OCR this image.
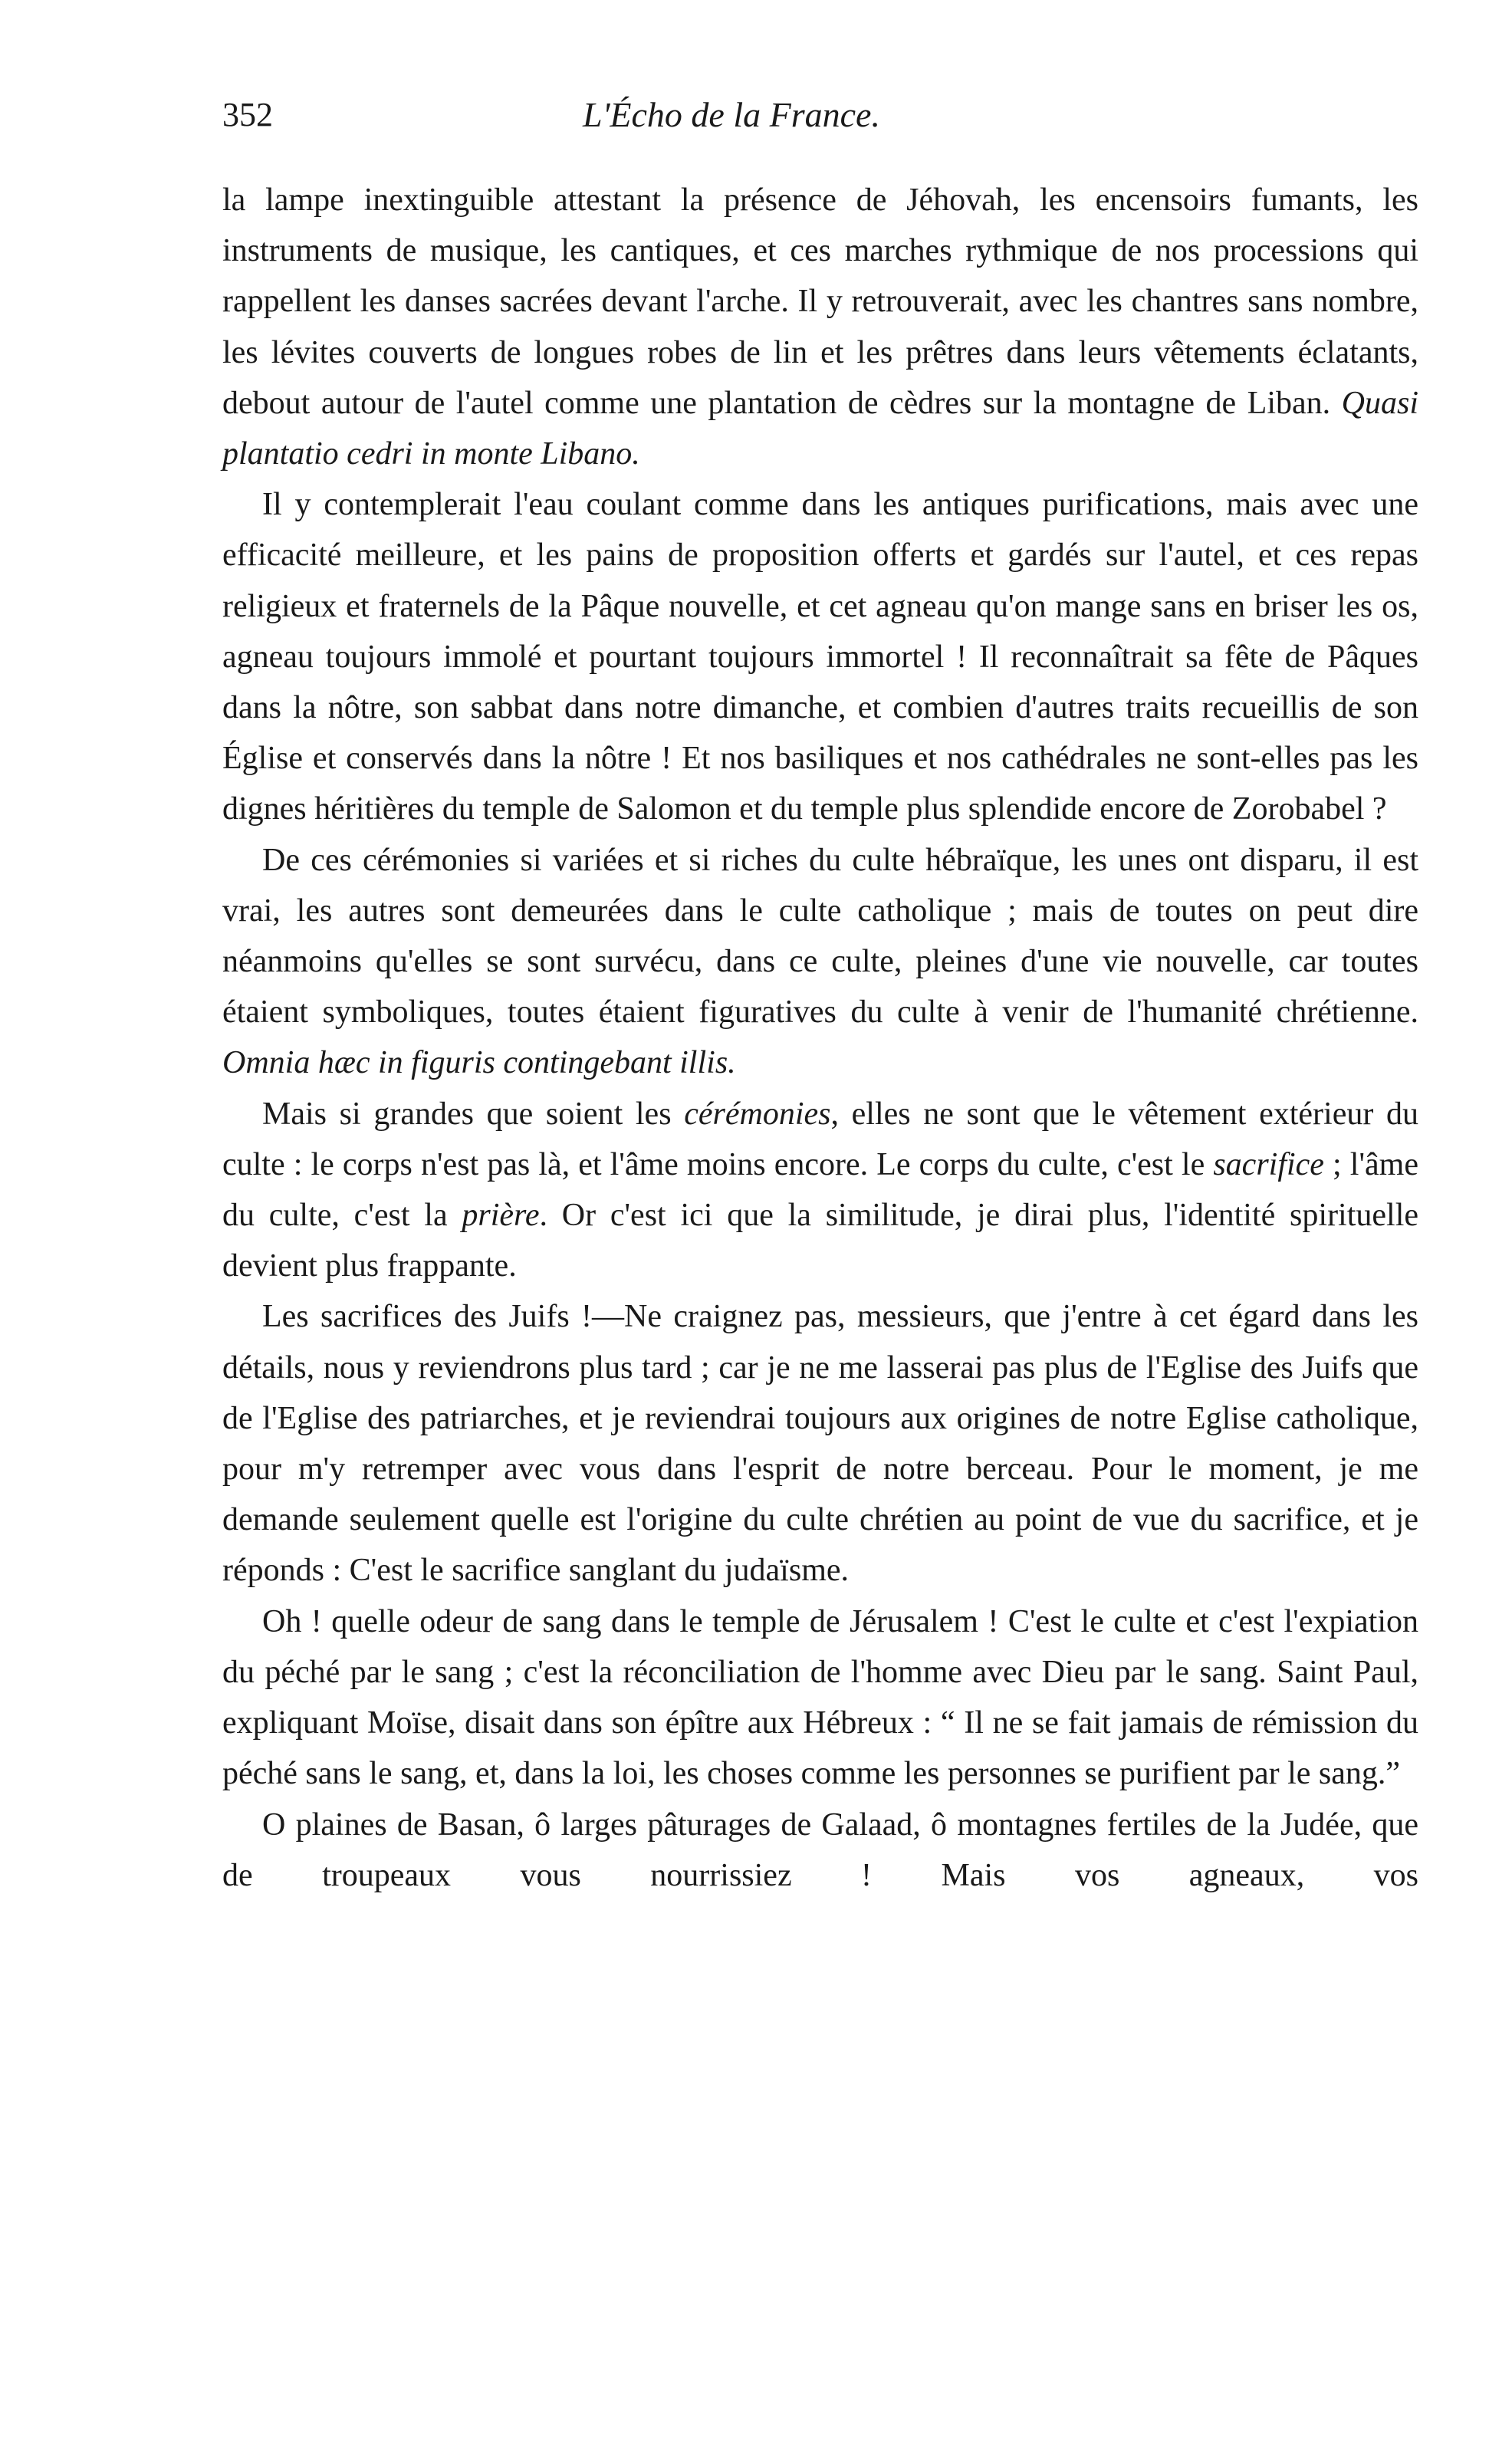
352	L'Écho de la France.

la lampe inextinguible attestant la présence de Jéhovah, les encensoirs fumants, les instruments de musique, les cantiques, et ces marches rythmique de nos processions qui rappellent les danses sacrées devant l'arche. Il y retrouverait, avec les chantres sans nombre, les lévites couverts de longues robes de lin et les prêtres dans leurs vêtements éclatants, debout autour de l'autel comme une plantation de cèdres sur la montagne de Liban. Quasi plantatio cedri in monte Libano.

Il y contemplerait l'eau coulant comme dans les antiques purifications, mais avec une efficacité meilleure, et les pains de proposition offerts et gardés sur l'autel, et ces repas religieux et fraternels de la Pâque nouvelle, et cet agneau qu'on mange sans en briser les os, agneau toujours immolé et pourtant toujours immortel ! Il reconnaîtrait sa fête de Pâques dans la nôtre, son sabbat dans notre dimanche, et combien d'autres traits recueillis de son Église et conservés dans la nôtre ! Et nos basiliques et nos cathédrales ne sont-elles pas les dignes héritières du temple de Salomon et du temple plus splendide encore de Zorobabel ?

De ces cérémonies si variées et si riches du culte hébraïque, les unes ont disparu, il est vrai, les autres sont demeurées dans le culte catholique ; mais de toutes on peut dire néanmoins qu'elles se sont survécu, dans ce culte, pleines d'une vie nouvelle, car toutes étaient symboliques, toutes étaient figuratives du culte à venir de l'humanité chrétienne. Omnia hæc in figuris contingebant illis.

Mais si grandes que soient les cérémonies, elles ne sont que le vêtement extérieur du culte : le corps n'est pas là, et l'âme moins encore. Le corps du culte, c'est le sacrifice ; l'âme du culte, c'est la prière. Or c'est ici que la similitude, je dirai plus, l'identité spirituelle devient plus frappante.

Les sacrifices des Juifs !—Ne craignez pas, messieurs, que j'entre à cet égard dans les détails, nous y reviendrons plus tard ; car je ne me lasserai pas plus de l'Eglise des Juifs que de l'Eglise des patriarches, et je reviendrai toujours aux origines de notre Eglise catholique, pour m'y retremper avec vous dans l'esprit de notre berceau. Pour le moment, je me demande seulement quelle est l'origine du culte chrétien au point de vue du sacrifice, et je réponds : C'est le sacrifice sanglant du judaïsme.

Oh ! quelle odeur de sang dans le temple de Jérusalem ! C'est le culte et c'est l'expiation du péché par le sang ; c'est la réconciliation de l'homme avec Dieu par le sang. Saint Paul, expliquant Moïse, disait dans son épître aux Hébreux : “ Il ne se fait jamais de rémission du péché sans le sang, et, dans la loi, les choses comme les personnes se purifient par le sang.”

O plaines de Basan, ô larges pâturages de Galaad, ô montagnes fertiles de la Judée, que de troupeaux vous nourrissiez ! Mais vos agneaux, vos
